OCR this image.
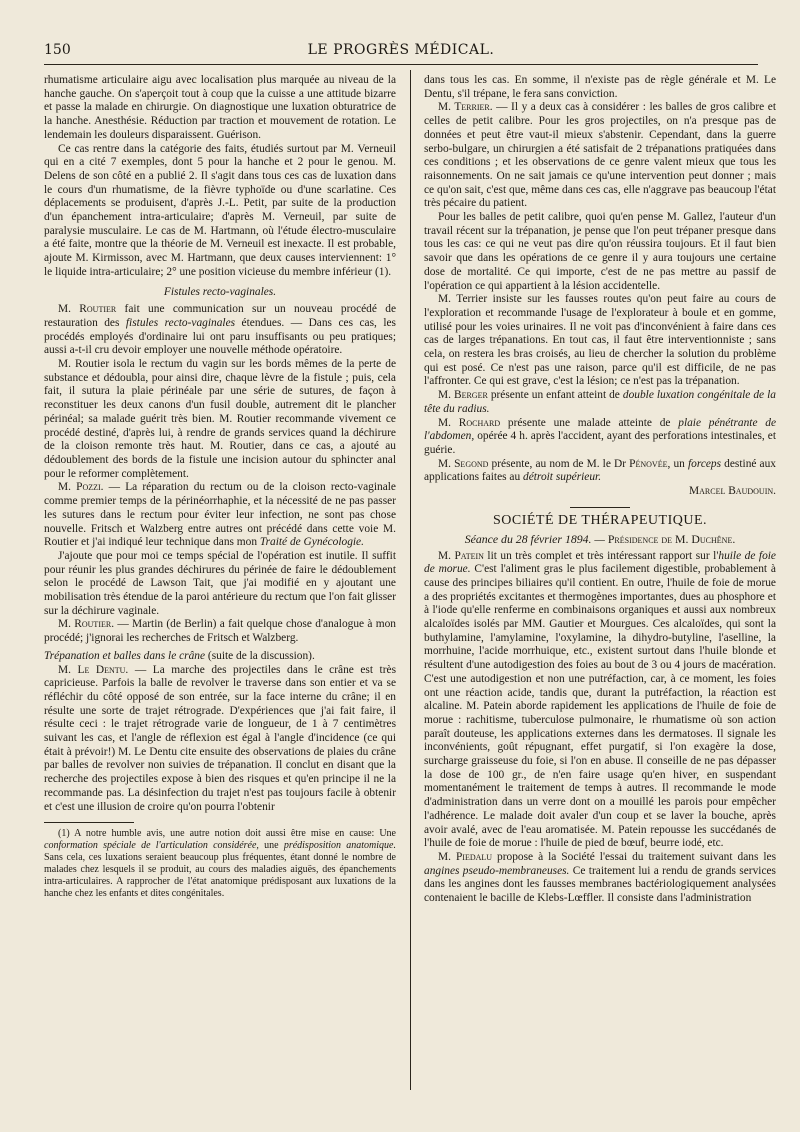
150	LE PROGRÈS MÉDICAL.

rhumatisme articulaire aigu avec localisation plus marquée au niveau de la hanche gauche. On s'aperçoit tout à coup que la cuisse a une attitude bizarre et passe la malade en chirurgie. On diagnostique une luxation obturatrice de la hanche. Anesthésie. Réduction par traction et mouvement de rotation. Le lendemain les douleurs disparaissent. Guérison.

Ce cas rentre dans la catégorie des faits, étudiés surtout par M. Verneuil qui en a cité 7 exemples, dont 5 pour la hanche et 2 pour le genou. M. Delens de son côté en a publié 2. Il s'agit dans tous ces cas de luxation dans le cours d'un rhumatisme, de la fièvre typhoïde ou d'une scarlatine. Ces déplacements se produisent, d'après J.-L. Petit, par suite de la production d'un épanchement intra-articulaire; d'après M. Verneuil, par suite de paralysie musculaire. Le cas de M. Hartmann, où l'étude électro-musculaire a été faite, montre que la théorie de M. Verneuil est inexacte. Il est probable, ajoute M. Kirmisson, avec M. Hartmann, que deux causes interviennent: 1° le liquide intra-articulaire; 2° une position vicieuse du membre inférieur (1).

Fistules recto-vaginales.

M. Routier fait une communication sur un nouveau procédé de restauration des fistules recto-vaginales étendues. — Dans ces cas, les procédés employés d'ordinaire lui ont paru insuffisants ou peu pratiques; aussi a-t-il cru devoir employer une nouvelle méthode opératoire.

M. Routier isola le rectum du vagin sur les bords mêmes de la perte de substance et dédoubla, pour ainsi dire, chaque lèvre de la fistule ; puis, cela fait, il sutura la plaie périnéale par une série de sutures, de façon à reconstituer les deux canons d'un fusil double, autrement dit le plancher périnéal; sa malade guérit très bien. M. Routier recommande vivement ce procédé destiné, d'après lui, à rendre de grands services quand la déchirure de la cloison remonte très haut. M. Routier, dans ce cas, a ajouté au dédoublement des bords de la fistule une incision autour du sphincter anal pour le reformer complètement.

M. Pozzi. — La réparation du rectum ou de la cloison recto-vaginale comme premier temps de la périnéorrhaphie, et la nécessité de ne pas passer les sutures dans le rectum pour éviter leur infection, ne sont pas chose nouvelle. Fritsch et Walzberg entre autres ont précédé dans cette voie M. Routier et j'ai indiqué leur technique dans mon Traité de Gynécologie.

J'ajoute que pour moi ce temps spécial de l'opération est inutile. Il suffit pour réunir les plus grandes déchirures du périnée de faire le dédoublement selon le procédé de Lawson Tait, que j'ai modifié en y ajoutant une mobilisation très étendue de la paroi antérieure du rectum que l'on fait glisser sur la déchirure vaginale.

M. Routier. — Martin (de Berlin) a fait quelque chose d'analogue à mon procédé; j'ignorai les recherches de Fritsch et Walzberg.

Trépanation et balles dans le crâne (suite de la discussion).

M. Le Dentu. — La marche des projectiles dans le crâne est très capricieuse. Parfois la balle de revolver le traverse dans son entier et va se réfléchir du côté opposé de son entrée, sur la face interne du crâne; il en résulte une sorte de trajet rétrograde. D'expériences que j'ai fait faire, il résulte ceci : le trajet rétrograde varie de longueur, de 1 à 7 centimètres suivant les cas, et l'angle de réflexion est égal à l'angle d'incidence (ce qui était à prévoir!) M. Le Dentu cite ensuite des observations de plaies du crâne par balles de revolver non suivies de trépanation. Il conclut en disant que la recherche des projectiles expose à bien des risques et qu'en principe il ne la recommande pas. La désinfection du trajet n'est pas toujours facile à obtenir et c'est une illusion de croire qu'on pourra l'obtenir

(1) A notre humble avis, une autre notion doit aussi être mise en cause: Une conformation spéciale de l'articulation considérée, une prédisposition anatomique. Sans cela, ces luxations seraient beaucoup plus fréquentes, étant donné le nombre de malades chez lesquels il se produit, au cours des maladies aiguës, des épanchements intra-articulaires. A rapprocher de l'état anatomique prédisposant aux luxations de la hanche chez les enfants et dites congénitales.

dans tous les cas. En somme, il n'existe pas de règle générale et M. Le Dentu, s'il trépane, le fera sans conviction.

M. Terrier. — Il y a deux cas à considérer : les balles de gros calibre et celles de petit calibre. Pour les gros projectiles, on n'a presque pas de données et peut être vaut-il mieux s'abstenir. Cependant, dans la guerre serbo-bulgare, un chirurgien a été satisfait de 2 trépanations pratiquées dans ces conditions ; et les observations de ce genre valent mieux que tous les raisonnements. On ne sait jamais ce qu'une intervention peut donner ; mais ce qu'on sait, c'est que, même dans ces cas, elle n'aggrave pas beaucoup l'état très pécaire du patient.

Pour les balles de petit calibre, quoi qu'en pense M. Gallez, l'auteur d'un travail récent sur la trépanation, je pense que l'on peut trépaner presque dans tous les cas: ce qui ne veut pas dire qu'on réussira toujours. Et il faut bien savoir que dans les opérations de ce genre il y aura toujours une certaine dose de mortalité. Ce qui importe, c'est de ne pas mettre au passif de l'opération ce qui appartient à la lésion accidentelle.

M. Terrier insiste sur les fausses routes qu'on peut faire au cours de l'exploration et recommande l'usage de l'explorateur à boule et en gomme, utilisé pour les voies urinaires. Il ne voit pas d'inconvénient à faire dans ces cas de larges trépanations. En tout cas, il faut être interventionniste ; sans cela, on restera les bras croisés, au lieu de chercher la solution du problème qui est posé. Ce n'est pas une raison, parce qu'il est difficile, de ne pas l'affronter. Ce qui est grave, c'est la lésion; ce n'est pas la trépanation.

M. Berger présente un enfant atteint de double luxation congénitale de la tête du radius.

M. Rochard présente une malade atteinte de plaie pénétrante de l'abdomen, opérée 4 h. après l'accident, ayant des perforations intestinales, et guérie.

M. Segond présente, au nom de M. le Dr Pénovée, un forceps destiné aux applications faites au détroit supérieur.

Marcel Baudouin.

SOCIÉTÉ DE THÉRAPEUTIQUE.
Séance du 28 février 1894. — Présidence de M. Duchêne.

M. Patein lit un très complet et très intéressant rapport sur l'huile de foie de morue. C'est l'aliment gras le plus facilement digestible, probablement à cause des principes biliaires qu'il contient. En outre, l'huile de foie de morue a des propriétés excitantes et thermogènes importantes, dues au phosphore et à l'iode qu'elle renferme en combinaisons organiques et aussi aux nombreux alcaloïdes isolés par MM. Gautier et Mourgues. Ces alcaloïdes, qui sont la buthylamine, l'amylamine, l'oxylamine, la dihydro-butyline, l'aselline, la morrhuine, l'acide morrhuique, etc., existent surtout dans l'huile blonde et résultent d'une autodigestion des foies au bout de 3 ou 4 jours de macération. C'est une autodigestion et non une putréfaction, car, à ce moment, les foies ont une réaction acide, tandis que, durant la putréfaction, la réaction est alcaline. M. Patein aborde rapidement les applications de l'huile de foie de morue : rachitisme, tuberculose pulmonaire, le rhumatisme où son action paraît douteuse, les applications externes dans les dermatoses. Il signale les inconvénients, goût répugnant, effet purgatif, si l'on exagère la dose, surcharge graisseuse du foie, si l'on en abuse. Il conseille de ne pas dépasser la dose de 100 gr., de n'en faire usage qu'en hiver, en suspendant momentanément le traitement de temps à autres. Il recommande le mode d'administration dans un verre dont on a mouillé les parois pour empêcher l'adhérence. Le malade doit avaler d'un coup et se laver la bouche, après avoir avalé, avec de l'eau aromatisée. M. Patein repousse les succédanés de l'huile de foie de morue : l'huile de pied de bœuf, beurre iodé, etc.

M. Piedalu propose à la Société l'essai du traitement suivant dans les angines pseudo-membraneuses. Ce traitement lui a rendu de grands services dans les angines dont les fausses membranes bactériologiquement analysées contenaient le bacille de Klebs-Lœffler. Il consiste dans l'administration
